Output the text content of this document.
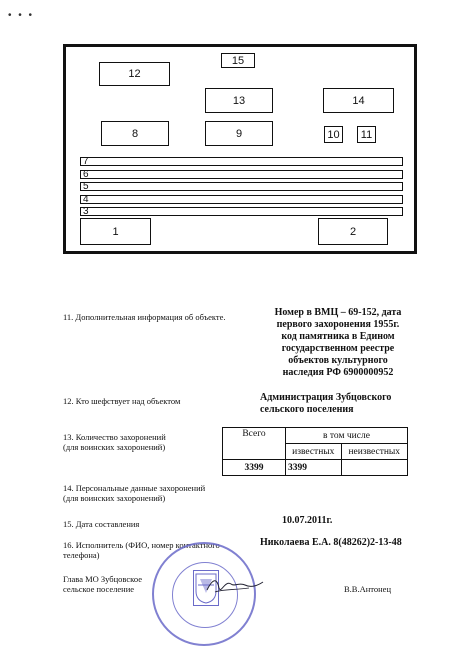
• • •
15
12
13	14
8	9	10	11
7
6
5
4
3
1	2
11. Дополнительная информация об объекте.	Номер в ВМЦ – 69-152, дата
первого захоронения 1955г.
код памятника в Едином
государственном реестре
объектов культурного
наследия РФ 6900000952
12. Кто шефствует над объектом	Администрация Зубцовского
сельского поселения
13. Количество захоронений
(для воинских захоронений)
Всего	в том числе	
	известных	неизвестных
3399	3399	
14. Персональные данные захоронений
(для воинских захоронений)
15. Дата составления	10.07.2011г.
16. Исполнитель (ФИО, номер контактного
телефона)
Николаева Е.А. 8(48262)2-13-48
Глава МО Зубцовское
сельское поселение	В.В.Антонец
